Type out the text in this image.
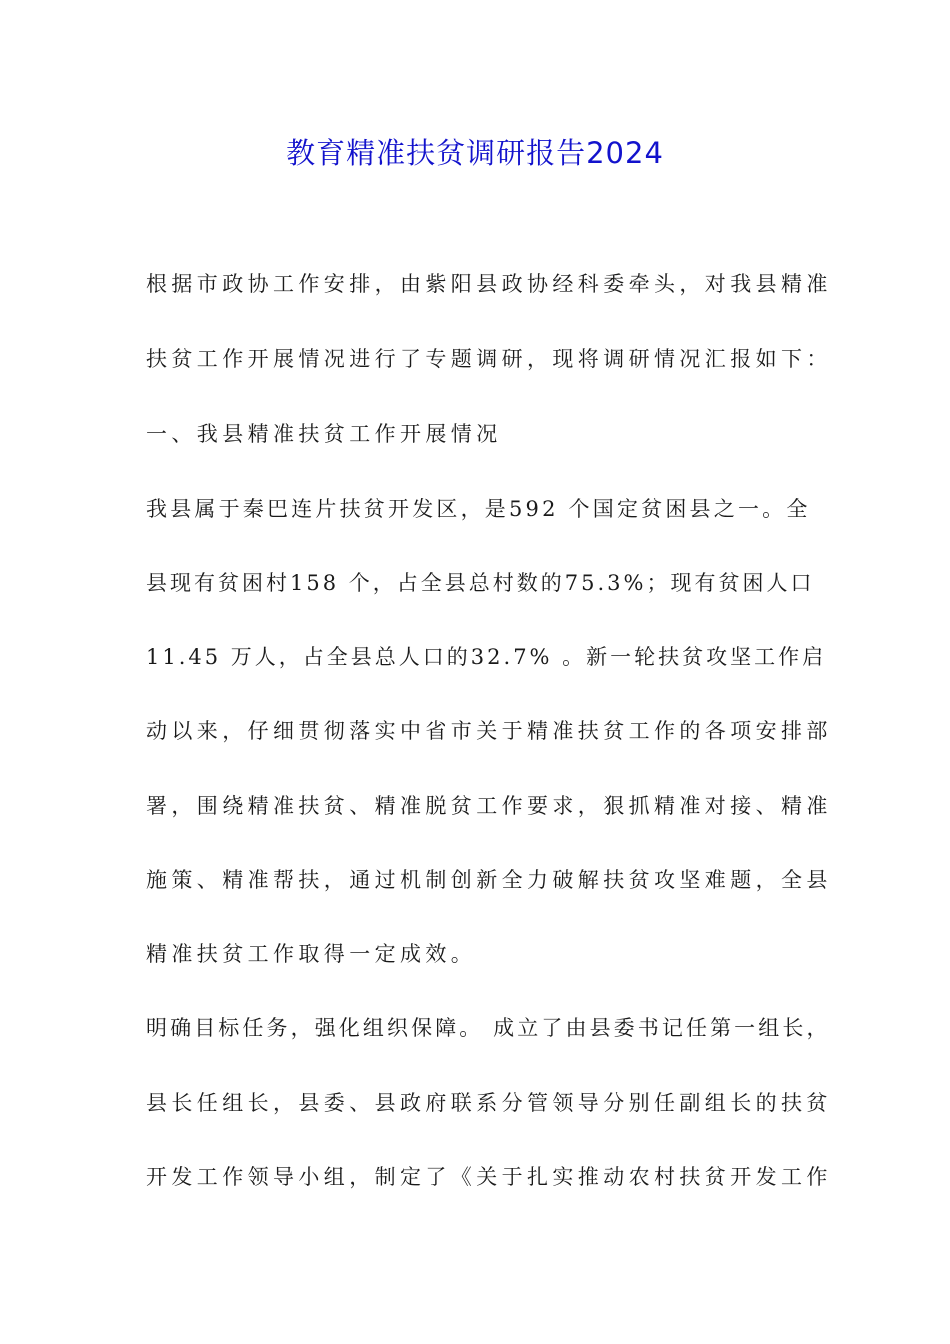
教育精准扶贫调研报告2024
根据市政协工作安排，由紫阳县政协经科委牵头，对我县精准
扶贫工作开展情况进行了专题调研，现将调研情况汇报如下：
一、我县精准扶贫工作开展情况
我县属于秦巴连片扶贫开发区，是592 个国定贫困县之一。全
县现有贫困村158 个，占全县总村数的75.3%；现有贫困人口
11.45 万人，占全县总人口的32.7% 。新一轮扶贫攻坚工作启
动以来，仔细贯彻落实中省市关于精准扶贫工作的各项安排部
署，围绕精准扶贫、精准脱贫工作要求，狠抓精准对接、精准
施策、精准帮扶，通过机制创新全力破解扶贫攻坚难题，全县
精准扶贫工作取得一定成效。
明确目标任务，强化组织保障。 成立了由县委书记任第一组长，
县长任组长，县委、县政府联系分管领导分别任副组长的扶贫
开发工作领导小组，制定了《关于扎实推动农村扶贫开发工作
